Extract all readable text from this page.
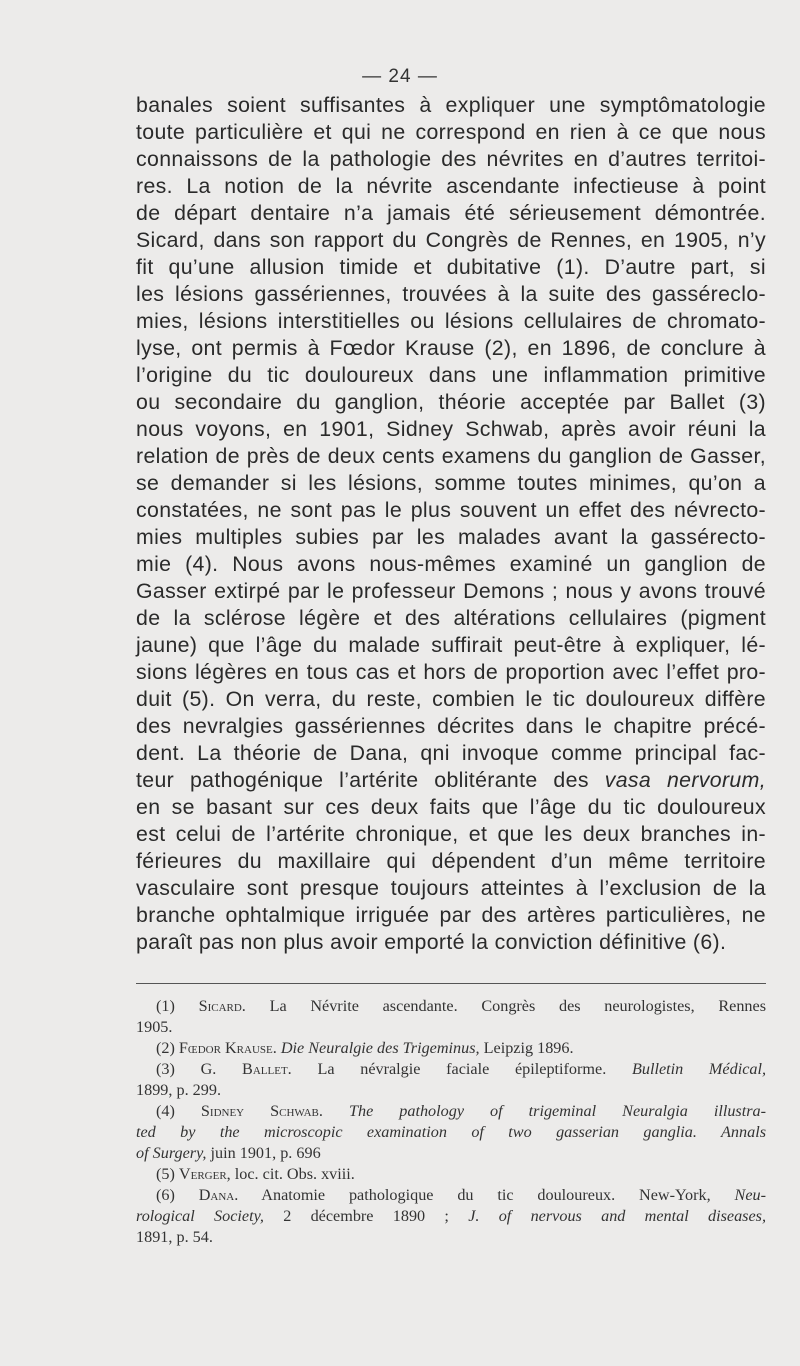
— 24 —
banales soient suffisantes à expliquer une symptômatologie
toute particulière et qui ne correspond en rien à ce que nous
connaissons de la pathologie des névrites en d’autres territoi-
res. La notion de la névrite ascendante infectieuse à point
de départ dentaire n’a jamais été sérieusement démontrée.
Sicard, dans son rapport du Congrès de Rennes, en 1905, n’y
fit qu’une allusion timide et dubitative (1). D’autre part, si
les lésions gassériennes, trouvées à la suite des gasséreclo-
mies, lésions interstitielles ou lésions cellulaires de chromato-
lyse, ont permis à Fœdor Krause (2), en 1896, de conclure à
l’origine du tic douloureux dans une inflammation primitive
ou secondaire du ganglion, théorie acceptée par Ballet (3)
nous voyons, en 1901, Sidney Schwab, après avoir réuni la
relation de près de deux cents examens du ganglion de Gasser,
se demander si les lésions, somme toutes minimes, qu’on a
constatées, ne sont pas le plus souvent un effet des névrecto-
mies multiples subies par les malades avant la gassérecto-
mie (4). Nous avons nous-mêmes examiné un ganglion de
Gasser extirpé par le professeur Demons ; nous y avons trouvé
de la sclérose légère et des altérations cellulaires (pigment
jaune) que l’âge du malade suffirait peut-être à expliquer, lé-
sions légères en tous cas et hors de proportion avec l’effet pro-
duit (5). On verra, du reste, combien le tic douloureux diffère
des nevralgies gassériennes décrites dans le chapitre précé-
dent. La théorie de Dana, qni invoque comme principal fac-
teur pathogénique l’artérite oblitérante des vasa nervorum,
en se basant sur ces deux faits que l’âge du tic douloureux
est celui de l’artérite chronique, et que les deux branches in-
férieures du maxillaire qui dépendent d’un même territoire
vasculaire sont presque toujours atteintes à l’exclusion de la
branche ophtalmique irriguée par des artères particulières, ne
paraît pas non plus avoir emporté la conviction définitive (6).
(1) Sicard. La Névrite ascendante. Congrès des neurologistes, Rennes
1905.
(2) Fœdor Krause. Die Neuralgie des Trigeminus, Leipzig 1896.
(3) G. Ballet. La névralgie faciale épileptiforme. Bulletin Médical,
1899, p. 299.
(4) Sidney Schwab. The pathology of trigeminal Neuralgia illustra-
ted by the microscopic examination of two gasserian ganglia. Annals
of Surgery, juin 1901, p. 696
(5) Verger, loc. cit. Obs. xviii.
(6) Dana. Anatomie pathologique du tic douloureux. New-York, Neu-
rological Society, 2 décembre 1890 ; J. of nervous and mental diseases,
1891, p. 54.
